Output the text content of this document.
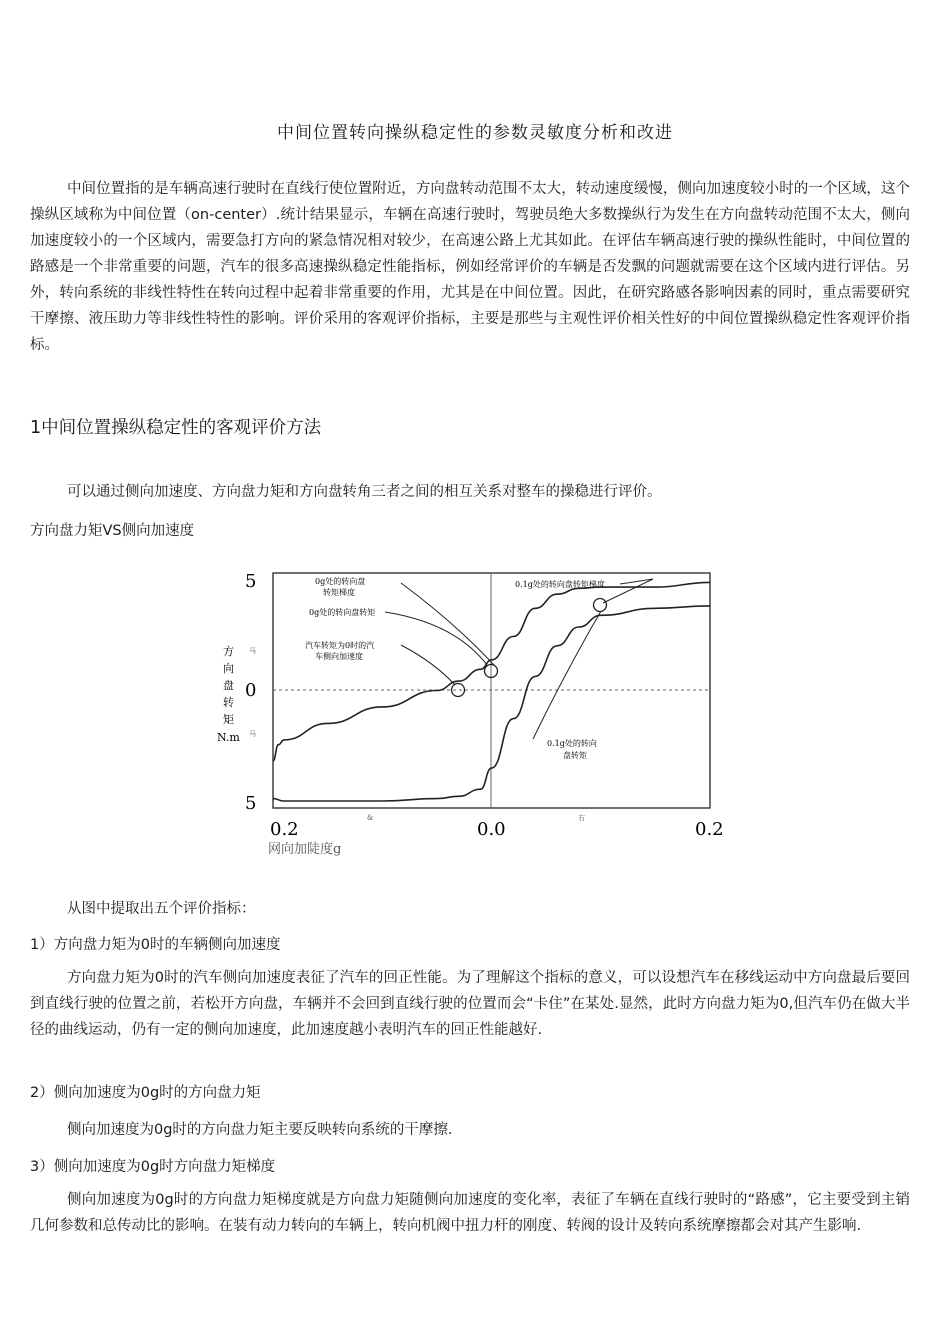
中间位置转向操纵稳定性的参数灵敏度分析和改进

中间位置指的是车辆高速行驶时在直线行使位置附近，方向盘转动范围不太大，转动速度缓慢，侧向加速度较小时的一个区域，这个操纵区域称为中间位置（on-center）.统计结果显示，车辆在高速行驶时，驾驶员绝大多数操纵行为发生在方向盘转动范围不太大，侧向加速度较小的一个区域内，需要急打方向的紧急情况相对较少，在高速公路上尤其如此。在评估车辆高速行驶的操纵性能时，中间位置的路感是一个非常重要的问题，汽车的很多高速操纵稳定性能指标，例如经常评价的车辆是否发飘的问题就需要在这个区域内进行评估。另外，转向系统的非线性特性在转向过程中起着非常重要的作用，尤其是在中间位置。因此，在研究路感各影响因素的同时，重点需要研究干摩擦、液压助力等非线性特性的影响。评价采用的客观评价指标，主要是那些与主观性评价相关性好的中间位置操纵稳定性客观评价指标。

1中间位置操纵稳定性的客观评价方法
可以通过侧向加速度、方向盘力矩和方向盘转角三者之间的相互关系对整车的操稳进行评价。
方向盘力矩VS侧向加速度
5
0
5
马
马
方
向
盘
转
矩
N.m
0.2	0.0	0.2
&	右
网向加陡度g
0g处的转向盘
转矩梯度
0g处的转向盘转矩
汽车转矩为0时的汽
车侧向加速度
0.1g处的转向盘转矩梯度
0.1g处的转向
盘转矩
从图中提取出五个评价指标：
1）方向盘力矩为0时的车辆侧向加速度

方向盘力矩为0时的汽车侧向加速度表征了汽车的回正性能。为了理解这个指标的意义，可以设想汽车在移线运动中方向盘最后要回到直线行驶的位置之前，若松开方向盘，车辆并不会回到直线行驶的位置而会“卡住”在某处.显然，此时方向盘力矩为0,但汽车仍在做大半径的曲线运动，仍有一定的侧向加速度，此加速度越小表明汽车的回正性能越好.

2）侧向加速度为0g时的方向盘力矩
侧向加速度为0g时的方向盘力矩主要反映转向系统的干摩擦.
3）侧向加速度为0g时方向盘力矩梯度

侧向加速度为0g时的方向盘力矩梯度就是方向盘力矩随侧向加速度的变化率，表征了车辆在直线行驶时的“路感”，它主要受到主销几何参数和总传动比的影响。在装有动力转向的车辆上，转向机阀中扭力杆的刚度、转阀的设计及转向系统摩擦都会对其产生影响.
